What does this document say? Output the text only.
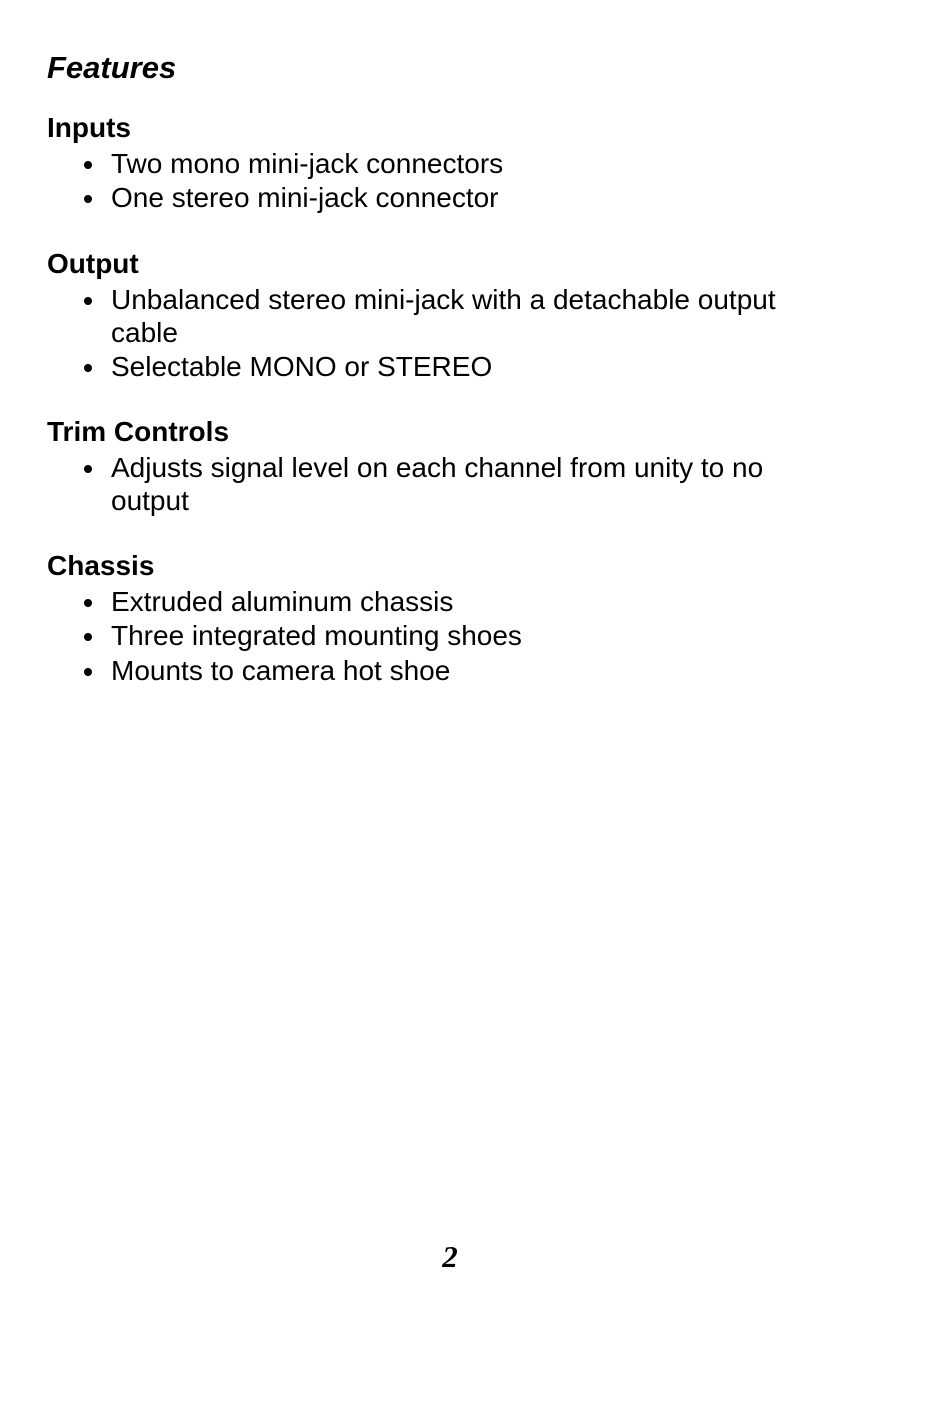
Features
Inputs
Two mono mini-jack connectors
One stereo mini-jack connector
Output
Unbalanced stereo mini-jack with a detachable output cable
Selectable MONO or STEREO
Trim Controls
Adjusts signal level on each channel from unity to no output
Chassis
Extruded aluminum chassis
Three integrated mounting shoes
Mounts to camera hot shoe

2
